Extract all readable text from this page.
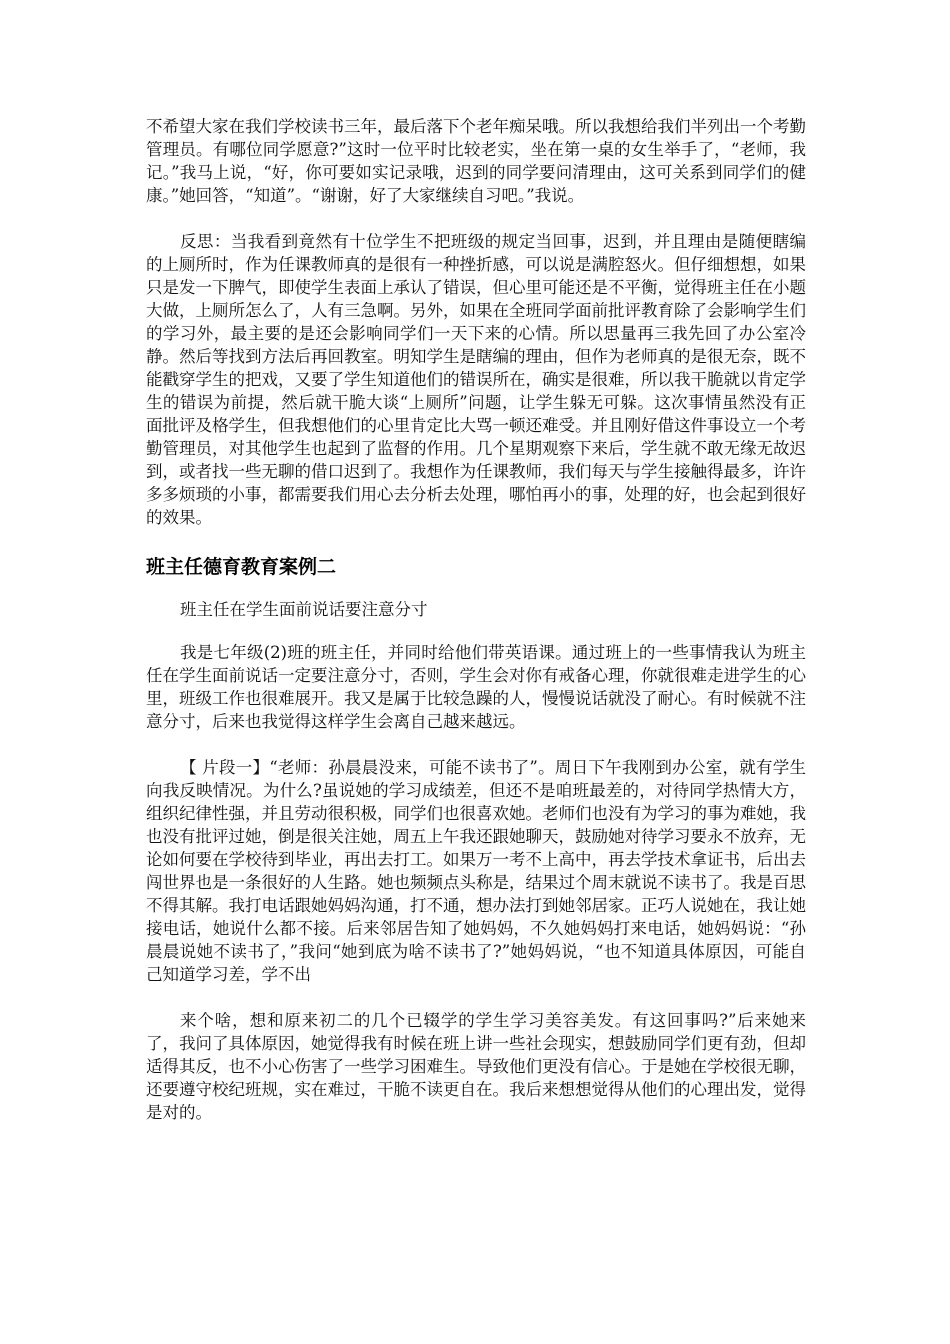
不希望大家在我们学校读书三年，最后落下个老年痴呆哦。所以我想给我们半列出一个考勤管理员。有哪位同学愿意?”这时一位平时比较老实，坐在第一桌的女生举手了，“老师，我记。”我马上说，“好，你可要如实记录哦，迟到的同学要问清理由，这可关系到同学们的健康。”她回答，“知道”。“谢谢，好了大家继续自习吧。”我说。

反思：当我看到竟然有十位学生不把班级的规定当回事，迟到，并且理由是随便瞎编的上厕所时，作为任课教师真的是很有一种挫折感，可以说是满腔怒火。但仔细想想，如果只是发一下脾气，即使学生表面上承认了错误，但心里可能还是不平衡，觉得班主任在小题大做，上厕所怎么了，人有三急啊。另外，如果在全班同学面前批评教育除了会影响学生们的学习外，最主要的是还会影响同学们一天下来的心情。所以思量再三我先回了办公室冷静。然后等找到方法后再回教室。明知学生是瞎编的理由，但作为老师真的是很无奈，既不能戳穿学生的把戏，又要了学生知道他们的错误所在，确实是很难，所以我干脆就以肯定学生的错误为前提，然后就干脆大谈“上厕所”问题，让学生躲无可躲。这次事情虽然没有正面批评及格学生，但我想他们的心里肯定比大骂一顿还难受。并且刚好借这件事设立一个考勤管理员，对其他学生也起到了监督的作用。几个星期观察下来后，学生就不敢无缘无故迟到，或者找一些无聊的借口迟到了。我想作为任课教师，我们每天与学生接触得最多，许许多多烦琐的小事，都需要我们用心去分析去处理，哪怕再小的事，处理的好，也会起到很好的效果。

班主任德育教育案例二

班主任在学生面前说话要注意分寸

我是七年级(2)班的班主任，并同时给他们带英语课。通过班上的一些事情我认为班主任在学生面前说话一定要注意分寸，否则，学生会对你有戒备心理，你就很难走进学生的心里，班级工作也很难展开。我又是属于比较急躁的人，慢慢说话就没了耐心。有时候就不注意分寸，后来也我觉得这样学生会离自己越来越远。

【 片段一】“老师：孙晨晨没来，可能不读书了”。周日下午我刚到办公室，就有学生向我反映情况。为什么?虽说她的学习成绩差，但还不是咱班最差的，对待同学热情大方，组织纪律性强，并且劳动很积极，同学们也很喜欢她。老师们也没有为学习的事为难她，我也没有批评过她，倒是很关注她，周五上午我还跟她聊天，鼓励她对待学习要永不放弃，无论如何要在学校待到毕业，再出去打工。如果万一考不上高中，再去学技术拿证书，后出去闯世界也是一条很好的人生路。她也频频点头称是，结果过个周末就说不读书了。我是百思不得其解。我打电话跟她妈妈沟通，打不通，想办法打到她邻居家。正巧人说她在，我让她接电话，她说什么都不接。后来邻居告知了她妈妈，不久她妈妈打来电话，她妈妈说：“孙晨晨说她不读书了，”我问“她到底为啥不读书了?”她妈妈说，“也不知道具体原因，可能自己知道学习差，学不出

来个啥，想和原来初二的几个已辍学的学生学习美容美发。有这回事吗?”后来她来了，我问了具体原因，她觉得我有时候在班上讲一些社会现实，想鼓励同学们更有劲，但却适得其反，也不小心伤害了一些学习困难生。导致他们更没有信心。于是她在学校很无聊，还要遵守校纪班规，实在难过，干脆不读更自在。我后来想想觉得从他们的心理出发，觉得是对的。
